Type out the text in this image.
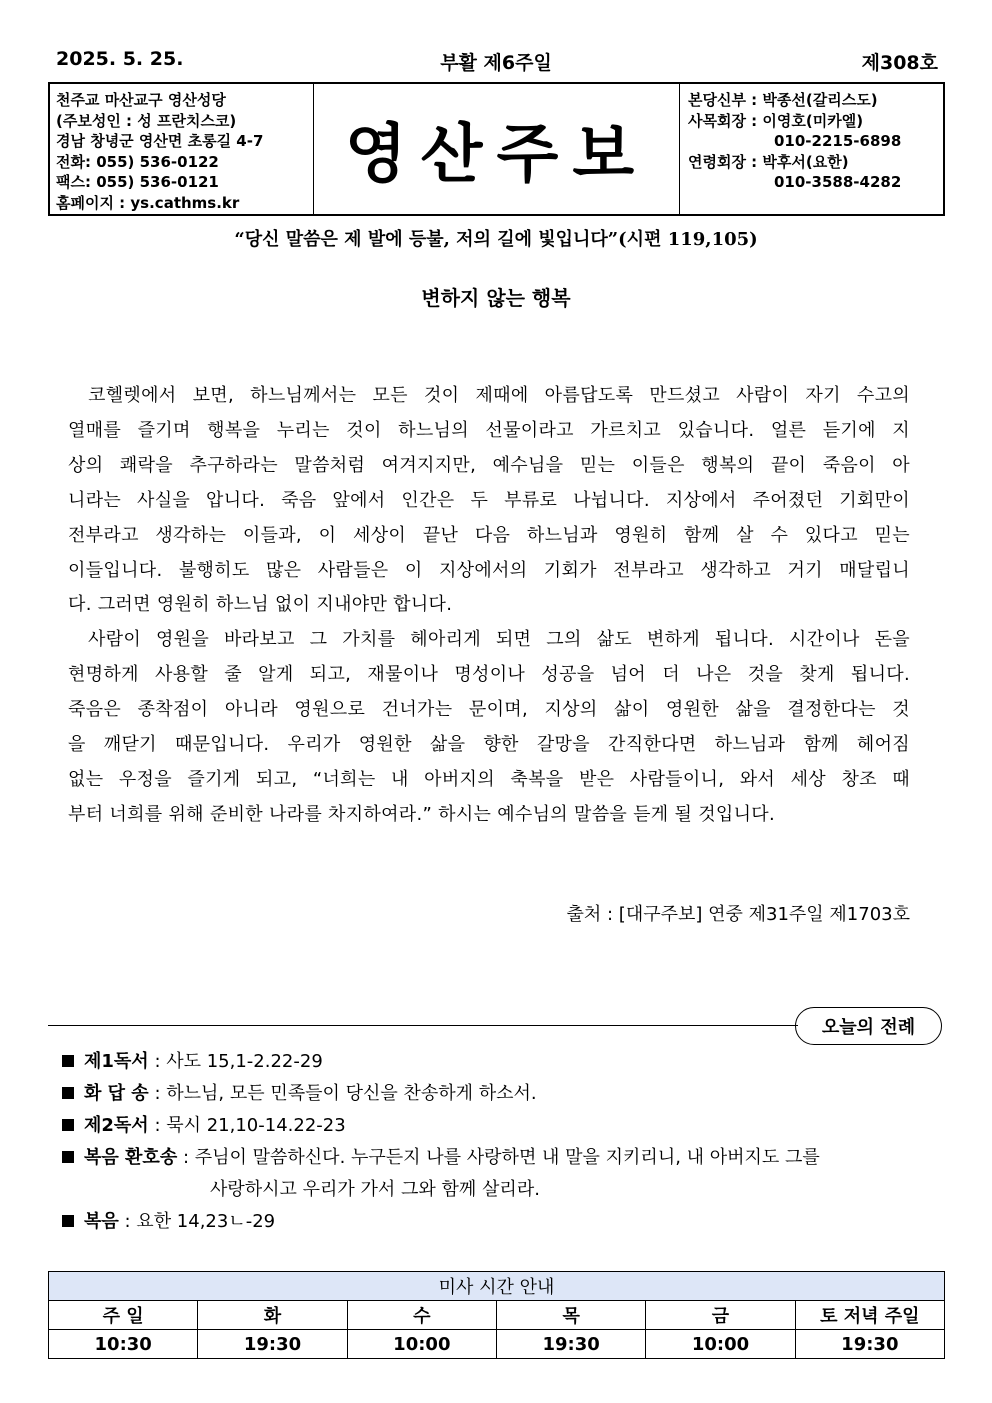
2025. 5. 25.	부활 제6주일	제308호
천주교 마산교구 영산성당
(주보성인 : 성 프란치스코)
경남 창녕군 영산면 초롱길 4-7
전화: 055) 536-0122
팩스: 055) 536-0121
홈페이지 : ys.cathms.kr
영산주보
본당신부 : 박종선(갈리스도)
사목회장 : 이영호(미카엘)
010-2215-6898
연령회장 : 박후서(요한)
010-3588-4282
“당신 말씀은 제 발에 등불, 저의 길에 빛입니다”(시편 119,105)
변하지 않는 행복
코헬렛에서 보면, 하느님께서는 모든 것이 제때에 아름답도록 만드셨고 사람이 자기 수고의
열매를 즐기며 행복을 누리는 것이 하느님의 선물이라고 가르치고 있습니다. 얼른 듣기에 지
상의 쾌락을 추구하라는 말씀처럼 여겨지지만, 예수님을 믿는 이들은 행복의 끝이 죽음이 아
니라는 사실을 압니다. 죽음 앞에서 인간은 두 부류로 나뉩니다. 지상에서 주어졌던 기회만이
전부라고 생각하는 이들과, 이 세상이 끝난 다음 하느님과 영원히 함께 살 수 있다고 믿는
이들입니다. 불행히도 많은 사람들은 이 지상에서의 기회가 전부라고 생각하고 거기 매달립니
다. 그러면 영원히 하느님 없이 지내야만 합니다.
사람이 영원을 바라보고 그 가치를 헤아리게 되면 그의 삶도 변하게 됩니다. 시간이나 돈을
현명하게 사용할 줄 알게 되고, 재물이나 명성이나 성공을 넘어 더 나은 것을 찾게 됩니다.
죽음은 종착점이 아니라 영원으로 건너가는 문이며, 지상의 삶이 영원한 삶을 결정한다는 것
을 깨닫기 때문입니다. 우리가 영원한 삶을 향한 갈망을 간직한다면 하느님과 함께 헤어짐
없는 우정을 즐기게 되고, “너희는 내 아버지의 축복을 받은 사람들이니, 와서 세상 창조 때
부터 너희를 위해 준비한 나라를 차지하여라.” 하시는 예수님의 말씀을 듣게 될 것입니다.
출처 : [대구주보] 연중 제31주일 제1703호
오늘의 전례
제1독서 : 사도 15,1-2.22-29
화 답 송 : 하느님, 모든 민족들이 당신을 찬송하게 하소서.
제2독서 : 묵시 21,10-14.22-23
복음 환호송 : 주님이 말씀하신다. 누구든지 나를 사랑하면 내 말을 지키리니, 내 아버지도 그를
사랑하시고 우리가 가서 그와 함께 살리라.
복음 : 요한 14,23ㄴ-29
미사 시간 안내					
주 일	화	수	목	금	토 저녁 주일
10:30	19:30	10:00	19:30	10:00	19:30
